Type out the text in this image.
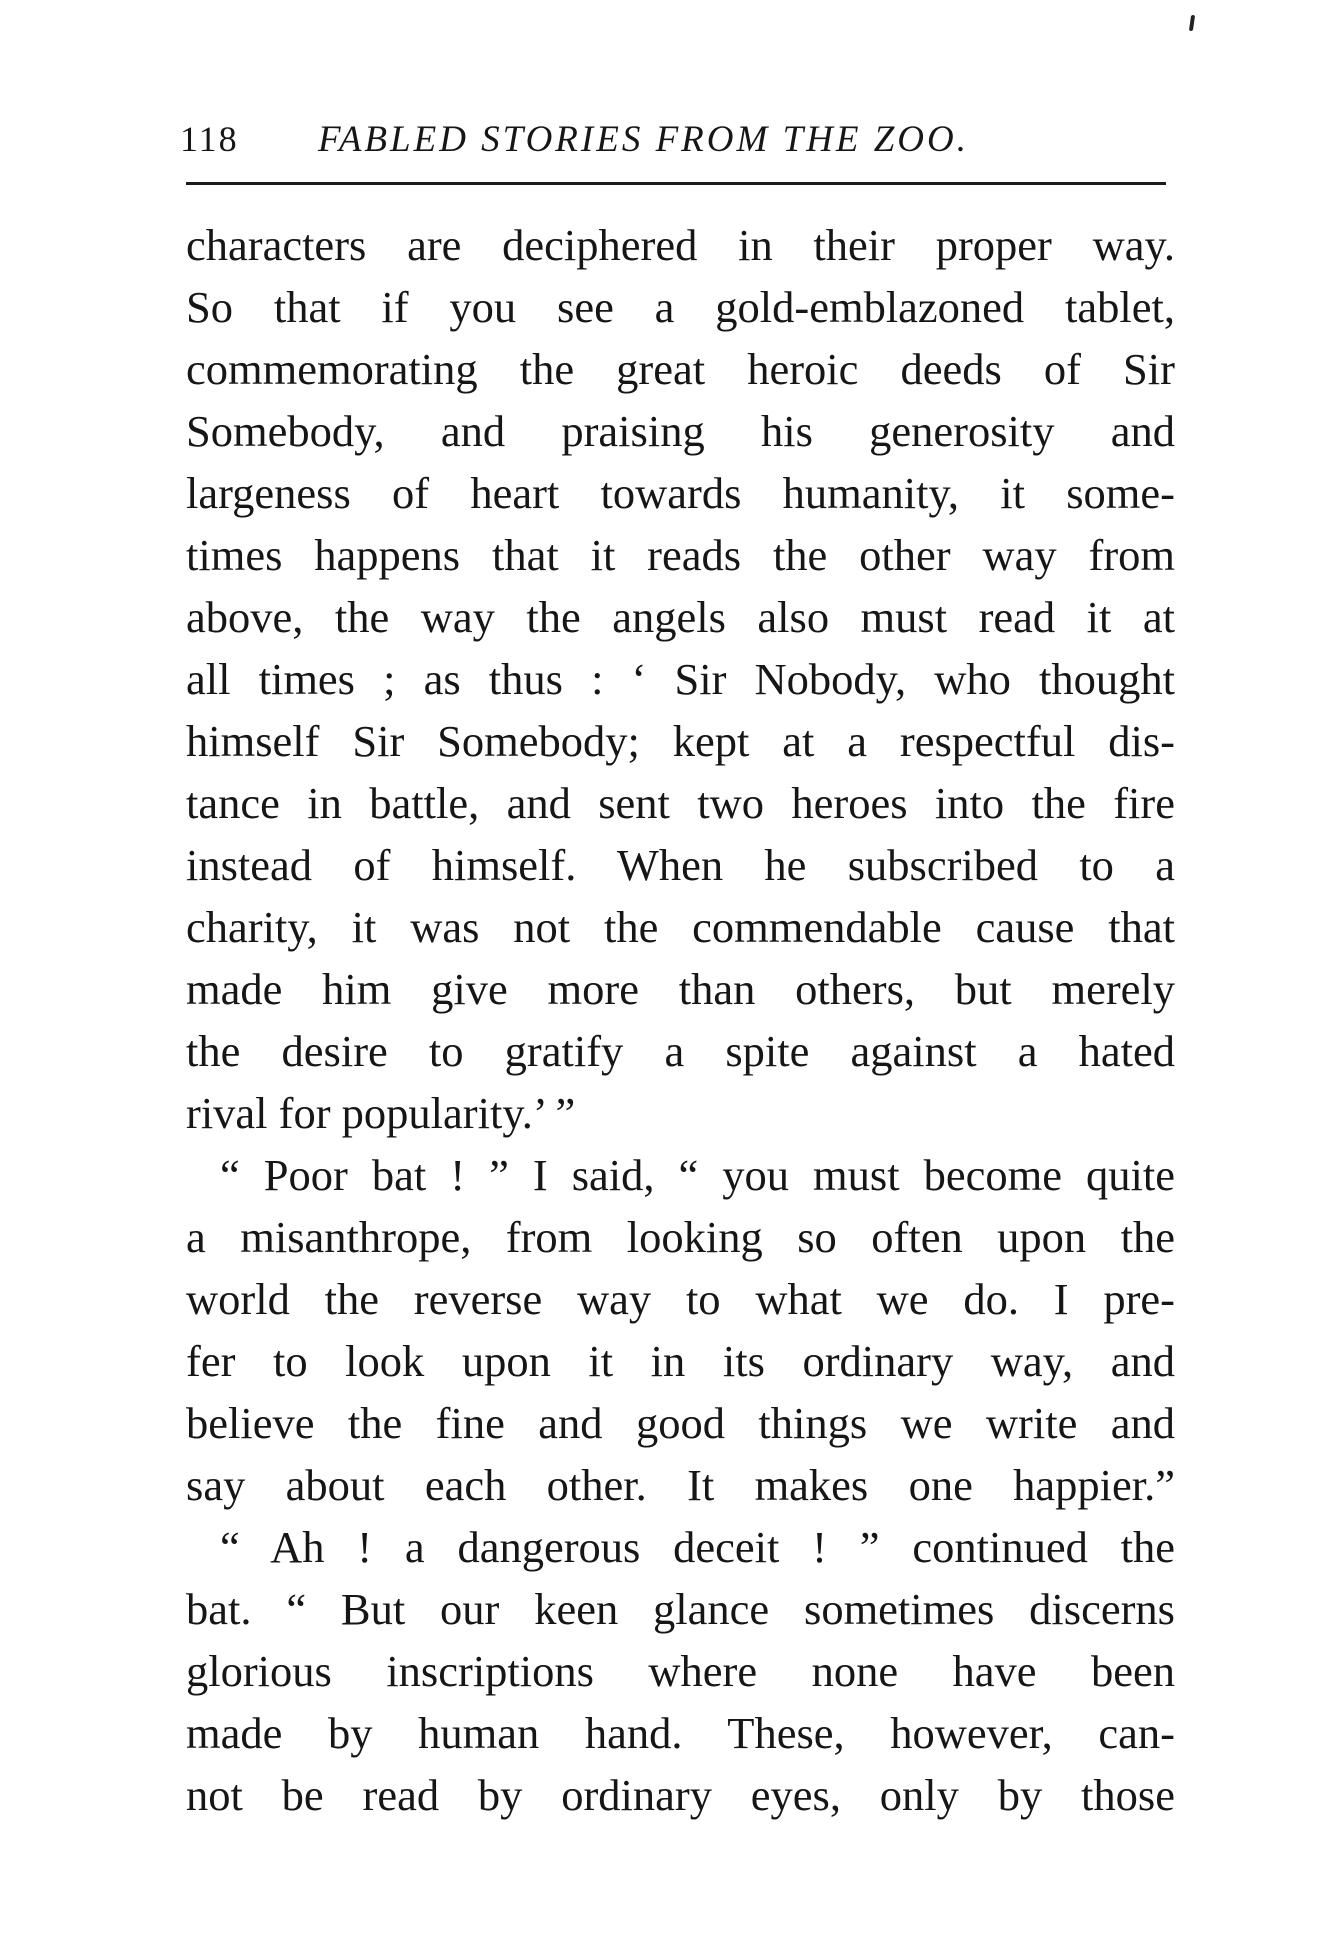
118 FABLED STORIES FROM THE ZOO.
characters are deciphered in their proper way.
So that if you see a gold-emblazoned tablet,
commemorating the great heroic deeds of Sir
Somebody, and praising his generosity and
largeness of heart towards humanity, it some-
times happens that it reads the other way from
above, the way the angels also must read it at
all times ; as thus : ‘ Sir Nobody, who thought
himself Sir Somebody; kept at a respectful dis-
tance in battle, and sent two heroes into the fire
instead of himself. When he subscribed to a
charity, it was not the commendable cause that
made him give more than others, but merely
the desire to gratify a spite against a hated
rival for popularity.’ ”
“ Poor bat ! ” I said, “ you must become quite
a misanthrope, from looking so often upon the
world the reverse way to what we do. I pre-
fer to look upon it in its ordinary way, and
believe the fine and good things we write and
say about each other. It makes one happier.”
“ Ah ! a dangerous deceit ! ” continued the
bat. “ But our keen glance sometimes discerns
glorious inscriptions where none have been
made by human hand. These, however, can-
not be read by ordinary eyes, only by those
